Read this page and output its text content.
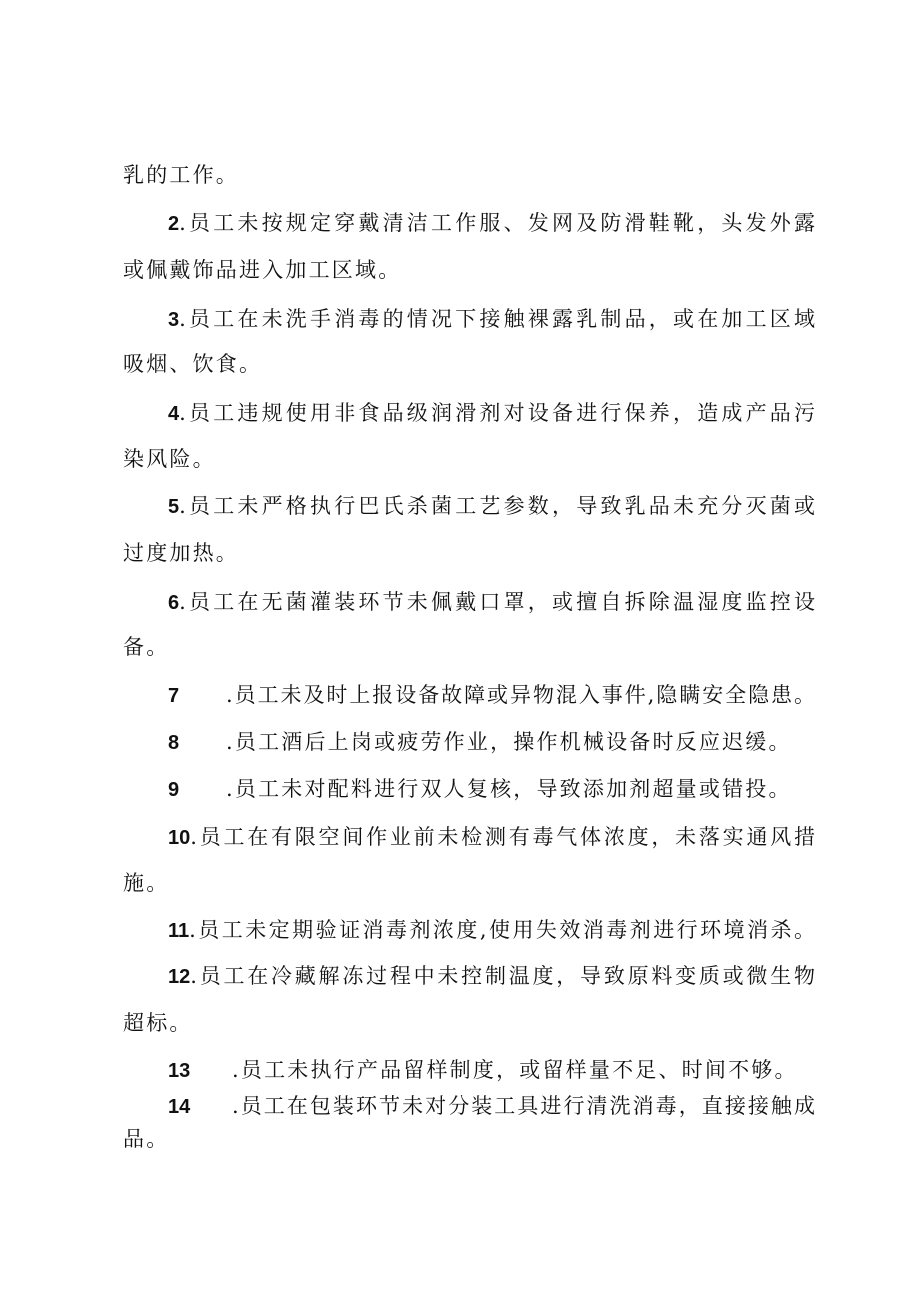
乳的工作。

2.员工未按规定穿戴清洁工作服、发网及防滑鞋靴，头发外露

或佩戴饰品进入加工区域。

3.员工在未洗手消毒的情况下接触裸露乳制品，或在加工区域

吸烟、饮食。

4.员工违规使用非食品级润滑剂对设备进行保养，造成产品污

染风险。

5.员工未严格执行巴氏杀菌工艺参数，导致乳品未充分灭菌或

过度加热。

6.员工在无菌灌装环节未佩戴口罩，或擅自拆除温湿度监控设

备。

7 .员工未及时上报设备故障或异物混入事件,隐瞒安全隐患。

8 .员工酒后上岗或疲劳作业，操作机械设备时反应迟缓。

9 .员工未对配料进行双人复核，导致添加剂超量或错投。

10.员工在有限空间作业前未检测有毒气体浓度，未落实通风措

施。

11.员工未定期验证消毒剂浓度,使用失效消毒剂进行环境消杀。

12.员工在冷藏解冻过程中未控制温度，导致原料变质或微生物

超标。

13 .员工未执行产品留样制度，或留样量不足、时间不够。

14 .员工在包装环节未对分装工具进行清洗消毒，直接接触成

品。
